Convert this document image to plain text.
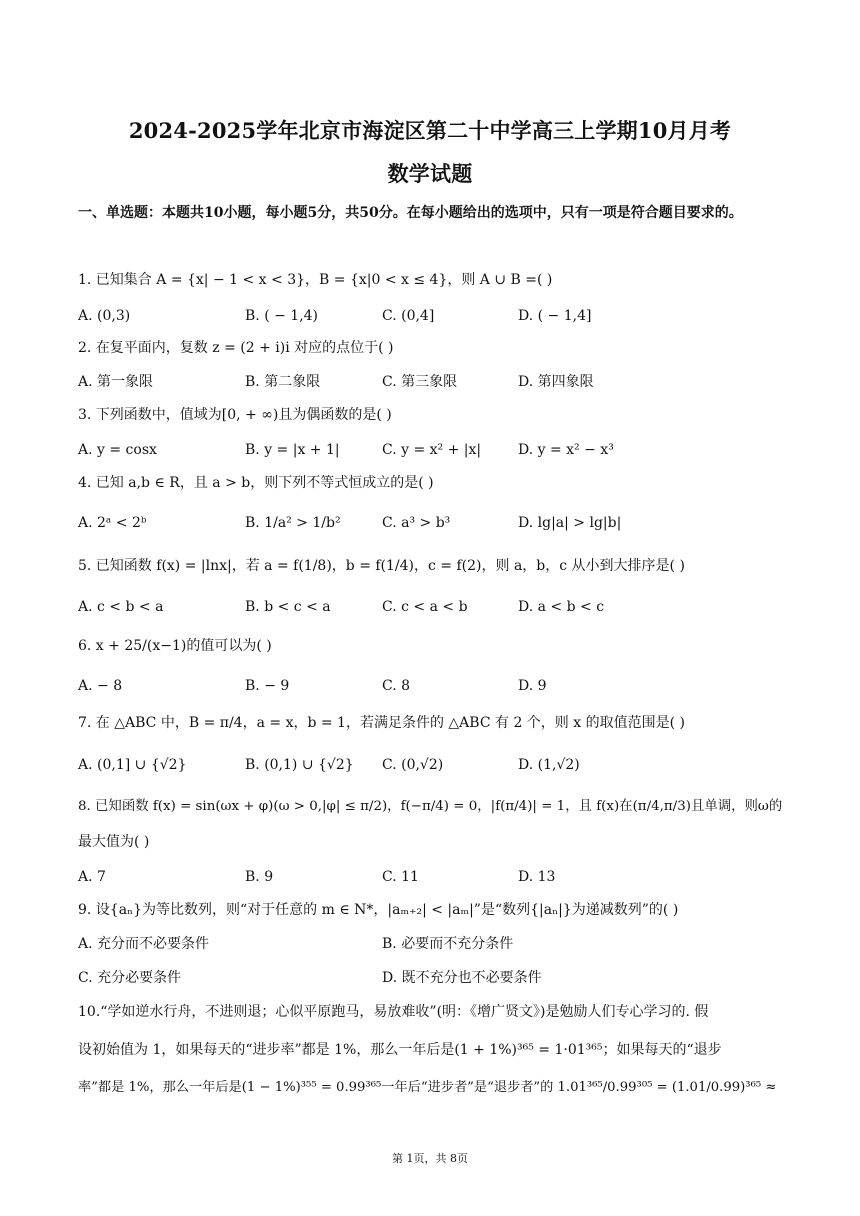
2024-2025学年北京市海淀区第二十中学高三上学期10月月考
数学试题
一、单选题：本题共10小题，每小题5分，共50分。在每小题给出的选项中，只有一项是符合题目要求的。
1. 已知集合 A = {x| − 1 < x < 3}，B = {x|0 < x ≤ 4}，则 A ∪ B =( )
A. (0,3)	B. ( − 1,4)	C. (0,4]	D. ( − 1,4]
2. 在复平面内，复数 z = (2 + i)i 对应的点位于( )
A. 第一象限	B. 第二象限	C. 第三象限	D. 第四象限
3. 下列函数中，值域为[0, + ∞)且为偶函数的是( )
A. y = cosx	B. y = |x + 1|	C. y = x² + |x|	D. y = x² − x³
4. 已知 a,b ∈ R，且 a > b，则下列不等式恒成立的是( )
A. 2ᵃ < 2ᵇ	B. 1/a² > 1/b²	C. a³ > b³	D. lg|a| > lg|b|
5. 已知函数 f(x) = |lnx|，若 a = f(1/8)，b = f(1/4)，c = f(2)，则 a，b，c 从小到大排序是( )
A. c < b < a	B. b < c < a	C. c < a < b	D. a < b < c
6. x + 25/(x−1)的值可以为( )
A. − 8	B. − 9	C. 8	D. 9
7. 在 △ABC 中，B = π/4，a = x，b = 1，若满足条件的 △ABC 有 2 个，则 x 的取值范围是( )
A. (0,1] ∪ {√2}	B. (0,1) ∪ {√2} C. (0,√2)	D. (1,√2)
8. 已知函数 f(x) = sin(ωx + φ)(ω > 0,|φ| ≤ π/2)，f(−π/4) = 0，|f(π/4)| = 1，且 f(x)在(π/4,π/3)且单调，则ω的
最大值为( )
A. 7	B. 9	C. 11	D. 13
9. 设{aₙ}为等比数列，则“对于任意的 m ∈ N*，|aₘ₊₂| < |aₘ|”是“数列{|aₙ|}为递减数列”的( )
A. 充分而不必要条件	B. 必要而不充分条件
C. 充分必要条件	D. 既不充分也不必要条件
10.“学如逆水行舟，不进则退；心似平原跑马，易放难收”(明：《增广贤文》)是勉励人们专心学习的. 假
设初始值为 1，如果每天的“进步率”都是 1%，那么一年后是(1 + 1%)³⁶⁵ = 1·01³⁶⁵；如果每天的“退步
率”都是 1%，那么一年后是(1 − 1%)³⁵⁵ = 0.99³⁶⁵一年后“进步者”是“退步者”的 1.01³⁶⁵/0.99³⁰⁵ = (1.01/0.99)³⁶⁵ ≈
第 1页，共 8页
